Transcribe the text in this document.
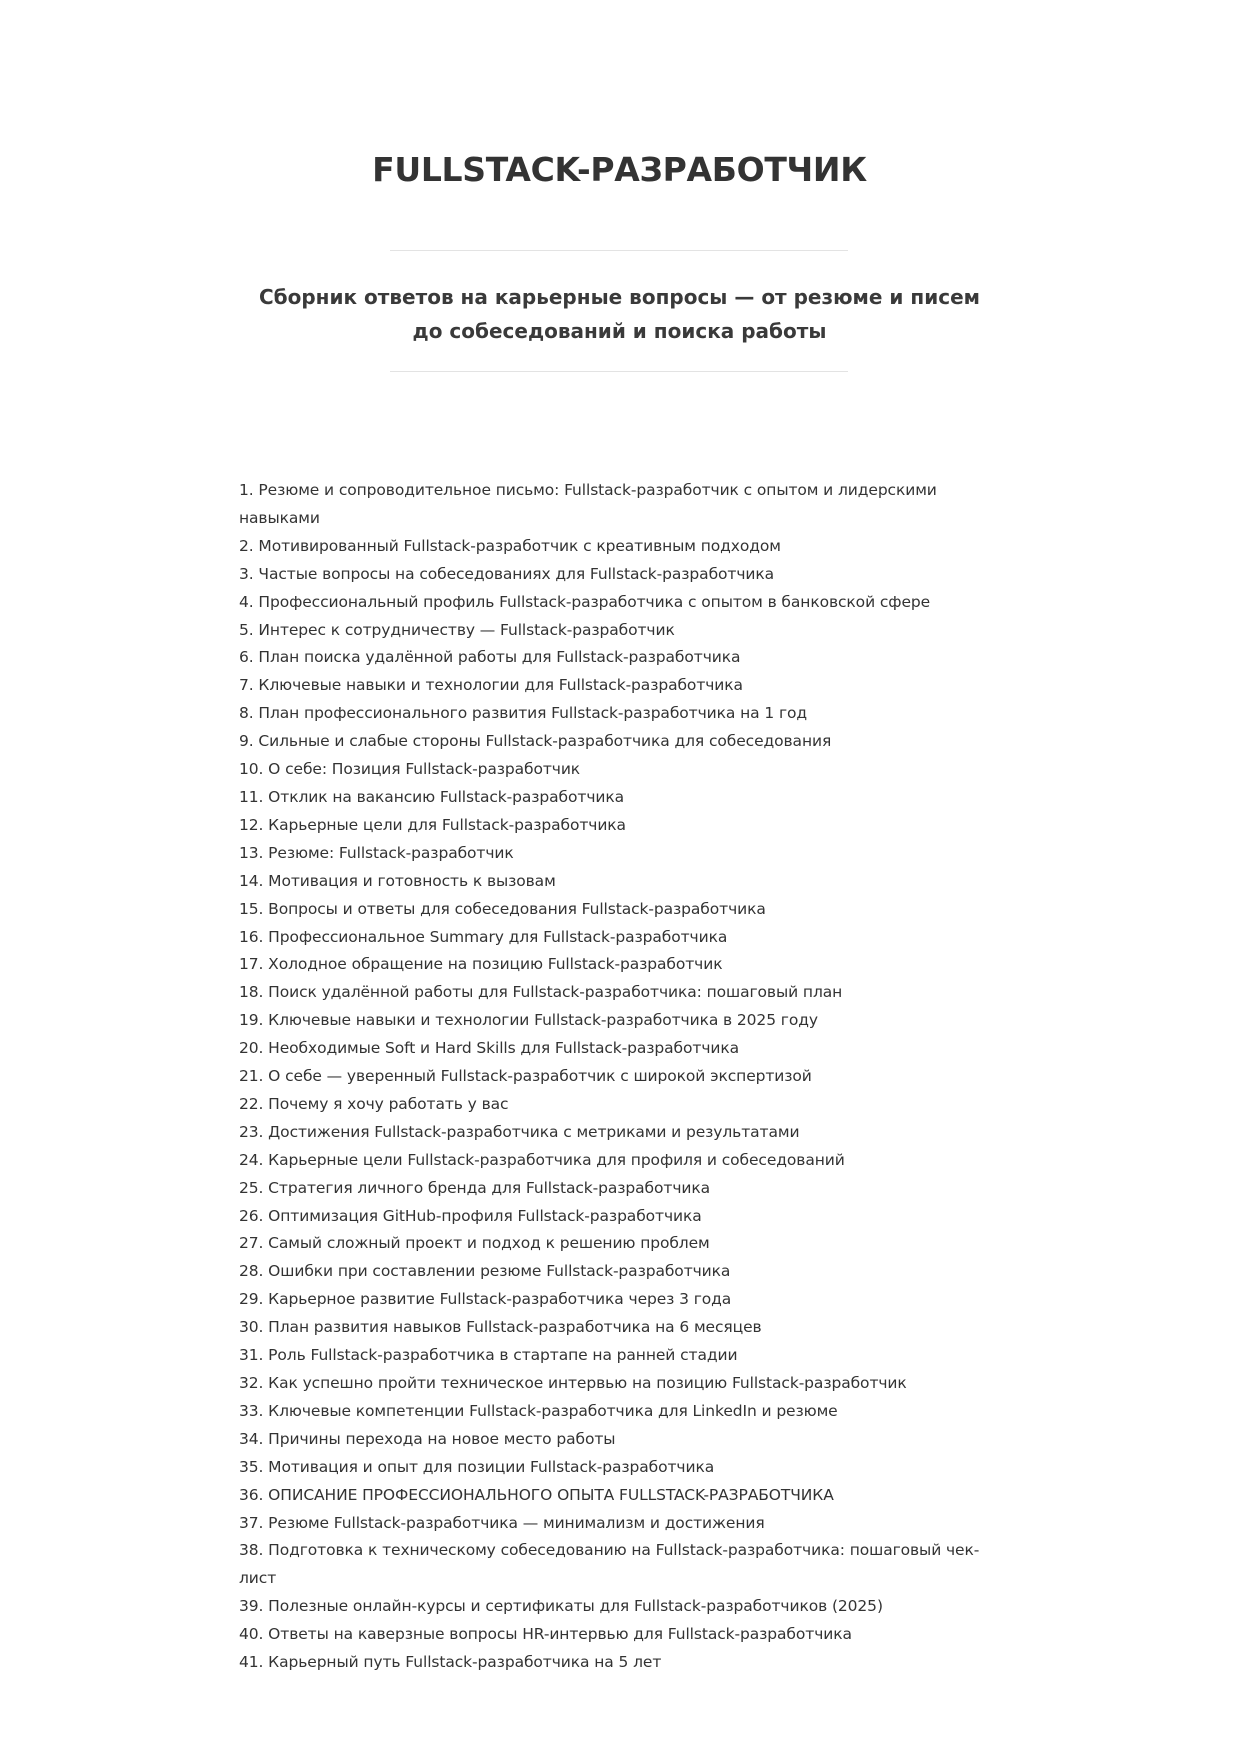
FULLSTACK-РАЗРАБОТЧИК

Сборник ответов на карьерные вопросы — от резюме и писем до собеседований и поиска работы

1. Резюме и сопроводительное письмо: Fullstack-разработчик с опытом и лидерскими навыками
2. Мотивированный Fullstack-разработчик с креативным подходом
3. Частые вопросы на собеседованиях для Fullstack-разработчика
4. Профессиональный профиль Fullstack-разработчика с опытом в банковской сфере
5. Интерес к сотрудничеству — Fullstack-разработчик
6. План поиска удалённой работы для Fullstack-разработчика
7. Ключевые навыки и технологии для Fullstack-разработчика
8. План профессионального развития Fullstack-разработчика на 1 год
9. Сильные и слабые стороны Fullstack-разработчика для собеседования
10. О себе: Позиция Fullstack-разработчик
11. Отклик на вакансию Fullstack-разработчика
12. Карьерные цели для Fullstack-разработчика
13. Резюме: Fullstack-разработчик
14. Мотивация и готовность к вызовам
15. Вопросы и ответы для собеседования Fullstack-разработчика
16. Профессиональное Summary для Fullstack-разработчика
17. Холодное обращение на позицию Fullstack-разработчик
18. Поиск удалённой работы для Fullstack-разработчика: пошаговый план
19. Ключевые навыки и технологии Fullstack-разработчика в 2025 году
20. Необходимые Soft и Hard Skills для Fullstack-разработчика
21. О себе — уверенный Fullstack-разработчик с широкой экспертизой
22. Почему я хочу работать у вас
23. Достижения Fullstack-разработчика с метриками и результатами
24. Карьерные цели Fullstack-разработчика для профиля и собеседований
25. Стратегия личного бренда для Fullstack-разработчика
26. Оптимизация GitHub-профиля Fullstack-разработчика
27. Самый сложный проект и подход к решению проблем
28. Ошибки при составлении резюме Fullstack-разработчика
29. Карьерное развитие Fullstack-разработчика через 3 года
30. План развития навыков Fullstack-разработчика на 6 месяцев
31. Роль Fullstack-разработчика в стартапе на ранней стадии
32. Как успешно пройти техническое интервью на позицию Fullstack-разработчик
33. Ключевые компетенции Fullstack-разработчика для LinkedIn и резюме
34. Причины перехода на новое место работы
35. Мотивация и опыт для позиции Fullstack-разработчика
36. ОПИСАНИЕ ПРОФЕССИОНАЛЬНОГО ОПЫТА FULLSTACK-РАЗРАБОТЧИКА
37. Резюме Fullstack-разработчика — минимализм и достижения
38. Подготовка к техническому собеседованию на Fullstack-разработчика: пошаговый чек-лист
39. Полезные онлайн-курсы и сертификаты для Fullstack-разработчиков (2025)
40. Ответы на каверзные вопросы HR-интервью для Fullstack-разработчика
41. Карьерный путь Fullstack-разработчика на 5 лет
